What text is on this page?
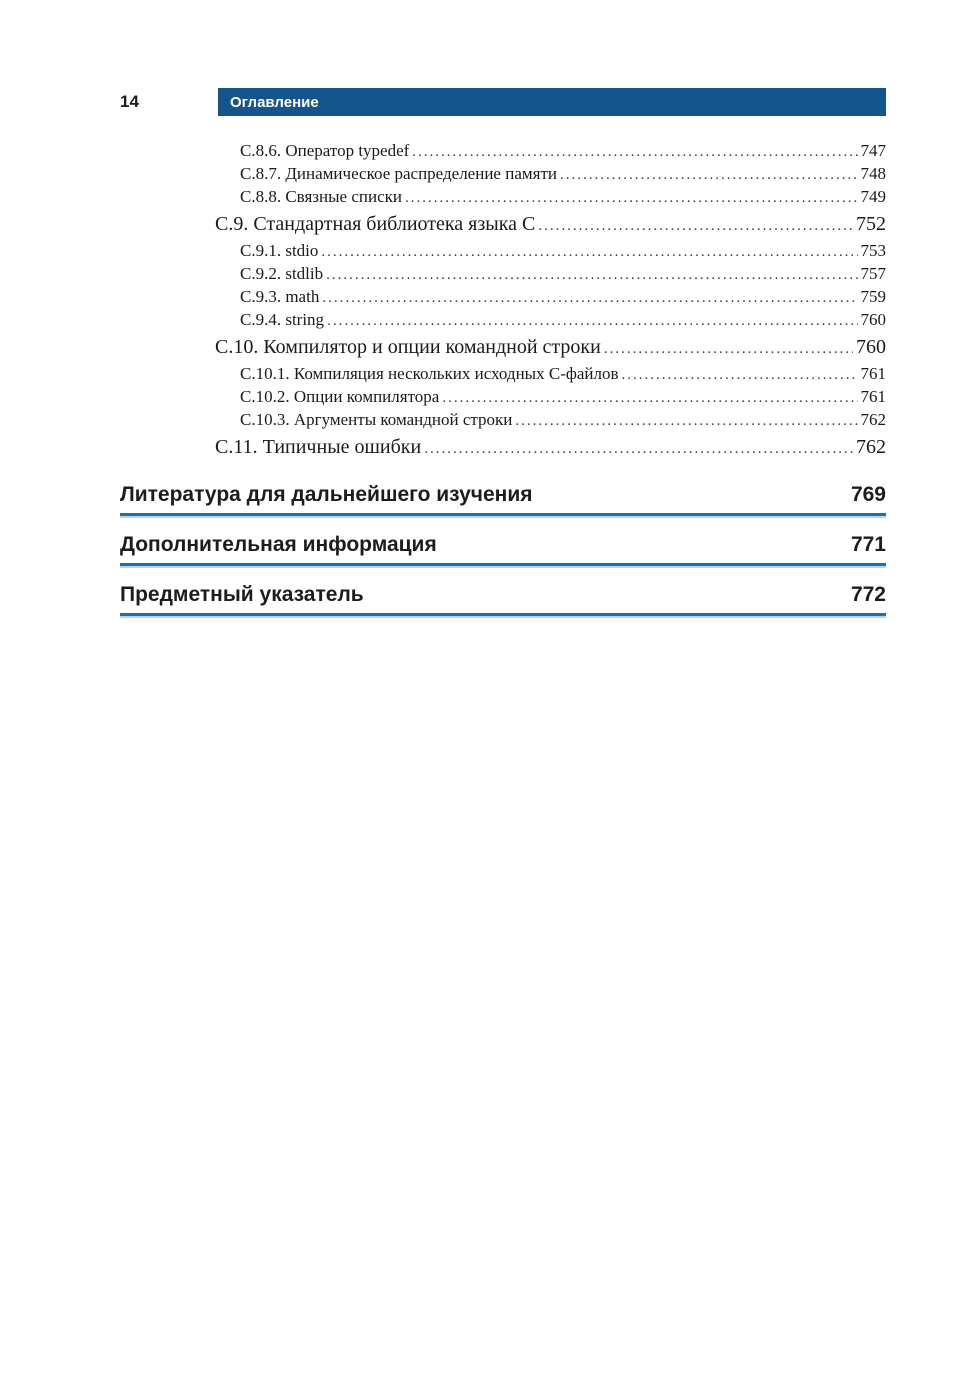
14	Оглавление
C.8.6. Оператор typedef .....	747
C.8.7. Динамическое распределение памяти .....	748
C.8.8. Связные списки .....	749
C.9. Стандартная библиотека языка C .....	752
C.9.1. stdio .....	753
C.9.2. stdlib .....	757
C.9.3. math .....	759
C.9.4. string .....	760
C.10. Компилятор и опции командной строки .....	760
C.10.1. Компиляция нескольких исходных C-файлов .....	761
C.10.2. Опции компилятора .....	761
C.10.3. Аргументы командной строки .....	762
C.11. Типичные ошибки .....	762
Литература для дальнейшего изучения	769
Дополнительная информация	771
Предметный указатель	772
